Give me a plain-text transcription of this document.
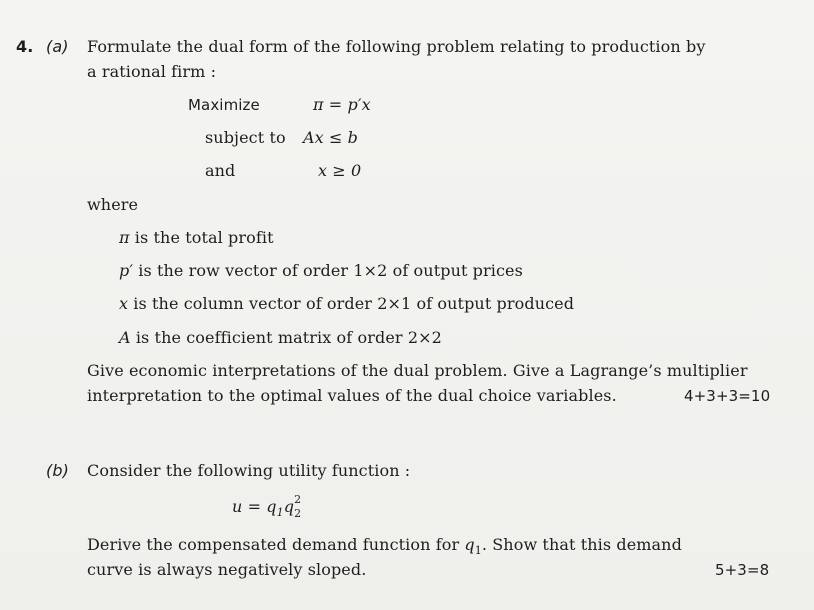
4. (a) Formulate the dual form of the following problem relating to production by
a rational firm :
Maximize	π = p′x
subject to Ax ≤ b
and	x ≥ 0
where
π is the total profit
p′ is the row vector of order 1×2 of output prices
x is the column vector of order 2×1 of output produced
A is the coefficient matrix of order 2×2
Give economic interpretations of the dual problem. Give a Lagrange’s multiplier
interpretation to the optimal values of the dual choice variables.	4+3+3=10
(b) Consider the following utility function :
$u = q_1q$ 2
2
Derive the compensated demand function for $q_1$. Show that this demand
curve is always negatively sloped.	5+3=8
